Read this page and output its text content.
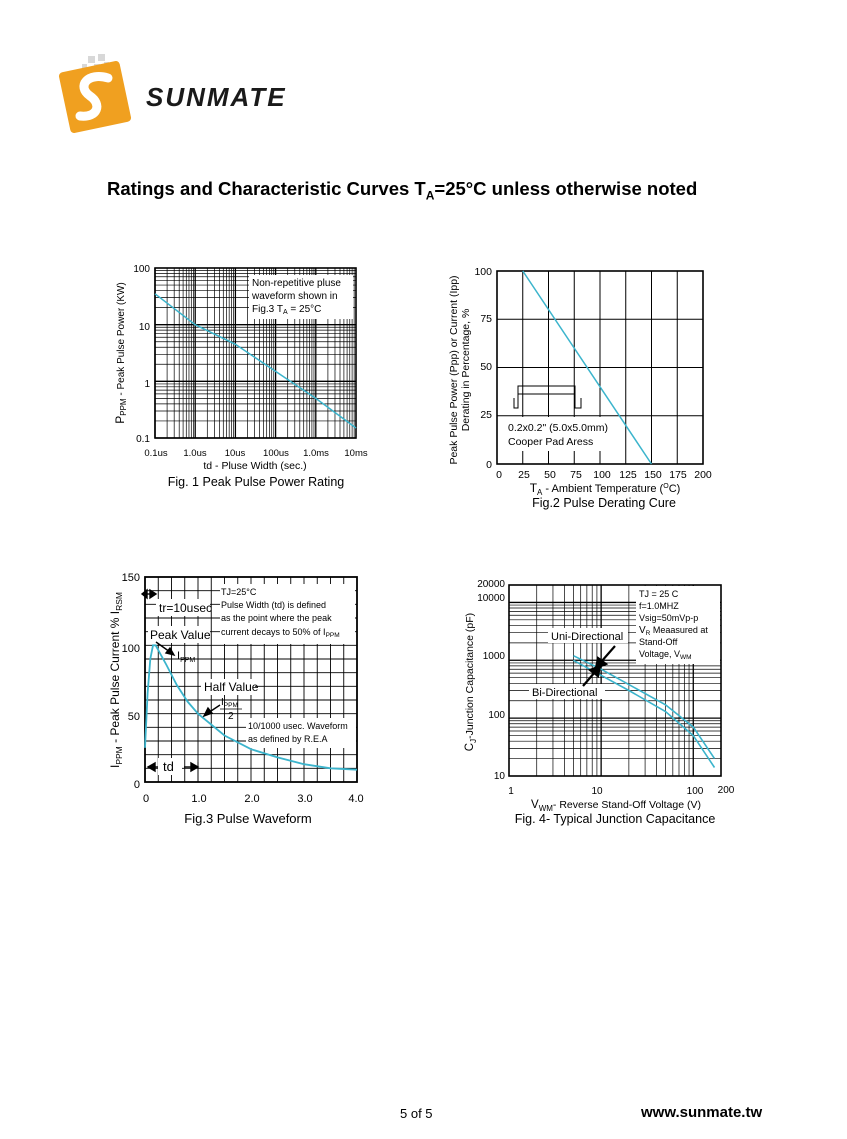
SUNMATE
Ratings and Characteristic Curves $T_A=25^\circ C$ unless otherwise noted
Non-repetitive pluse
waveform shown in
Fig.3 $T_A = 25^\circ C$
100
10
1
0.1
0.1us 1.0us 10us 100us 1.0ms 10ms
td - Pluse Width (sec.)
$P_{PPM}$ - Peak Pulse Power (KW)
Fig. 1 Peak Pulse Power Rating
0.2x0.2" (5.0x5.0mm)
Cooper Pad Aress
100
75
50
25
0
0 25 50 75 100 125 150 175 200
$T_A$ - Ambient Temperature ($^O$C)
Peak Pulse Power (Ppp) or Current (Ipp) Derating in Percentage, %
Fig.2 Pulse Derating Cure
tr=10usec
Peak Value
$I_{PPM}$
Half Value
$I_{PPM}$
2
TJ=25°C
Pulse Width (td) is defined
as the point where the peak
current decays to 50% of $I_{PPM}$
10/1000 usec. Waveform
as defined by R.E.A
td
150
100
50
0
0	1.0	2.0	3.0	4.0
$I_{PPM}$ - Peak Pulse Current % $I_{RSM}$
Fig.3 Pulse Waveform
Uni-Directional
Bi-Directional
TJ = 25 C
f=1.0MHZ
Vsig=50mVp-p
$V_R$ Meaasured at
Stand-Off
Voltage, $V_{WM}$
20000
10000
1000
100
10
1	10	100 200
$V_{WM}-$ Reverse Stand-Off Voltage (V)
$C_J$-Junction Capacitance (pF)
Fig. 4- Typical Junction Capacitance
5 of 5	www.sunmate.tw
